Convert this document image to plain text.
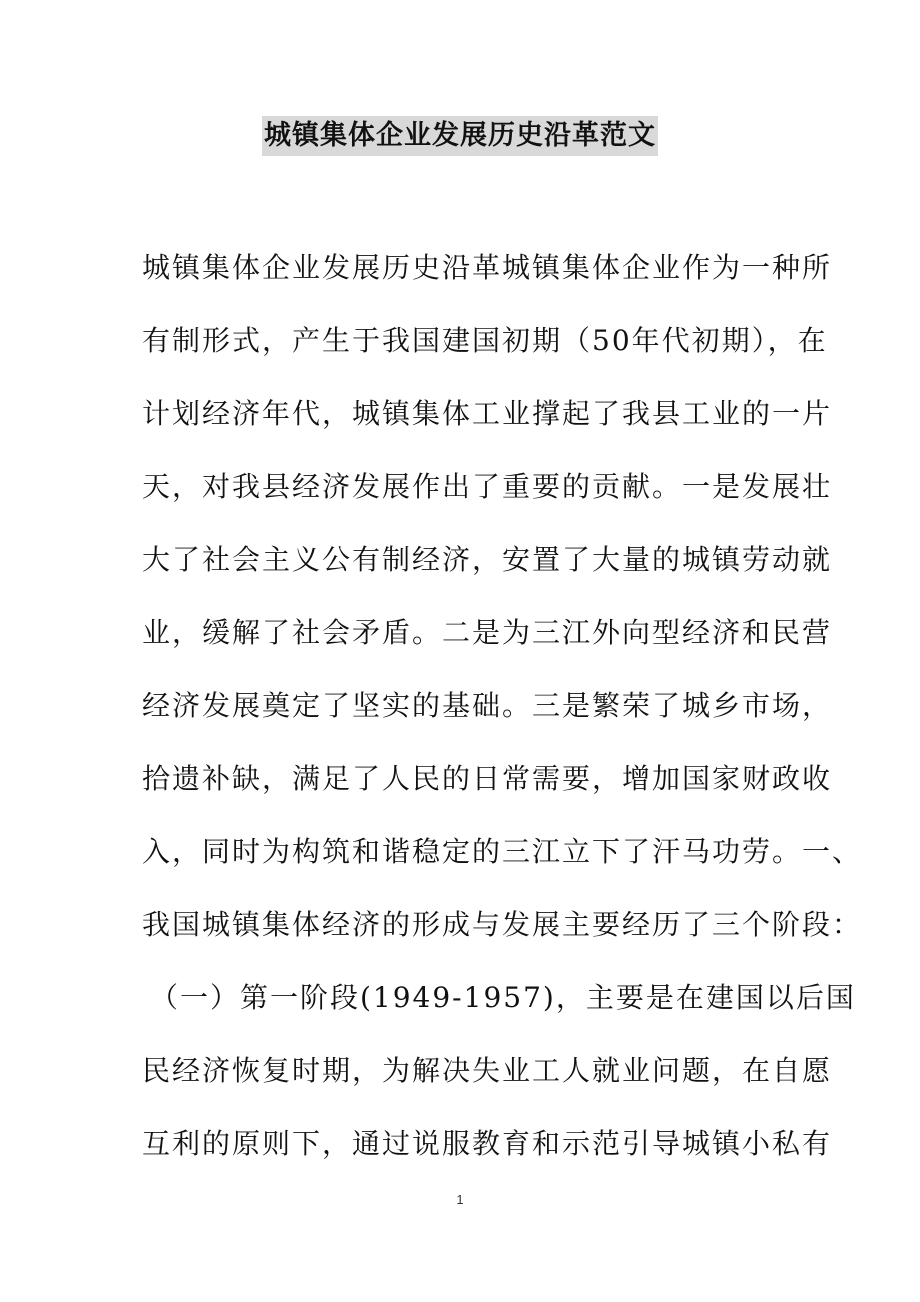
城镇集体企业发展历史沿革范文
城镇集体企业发展历史沿革城镇集体企业作为一种所
有制形式，产生于我国建国初期（50年代初期），在
计划经济年代，城镇集体工业撑起了我县工业的一片
天，对我县经济发展作出了重要的贡献。一是发展壮
大了社会主义公有制经济，安置了大量的城镇劳动就
业，缓解了社会矛盾。二是为三江外向型经济和民营
经济发展奠定了坚实的基础。三是繁荣了城乡市场，
拾遗补缺，满足了人民的日常需要，增加国家财政收
入，同时为构筑和谐稳定的三江立下了汗马功劳。一、
我国城镇集体经济的形成与发展主要经历了三个阶段：
（一）第一阶段(1949-1957)，主要是在建国以后国
民经济恢复时期，为解决失业工人就业问题，在自愿
互利的原则下，通过说服教育和示范引导城镇小私有
1
